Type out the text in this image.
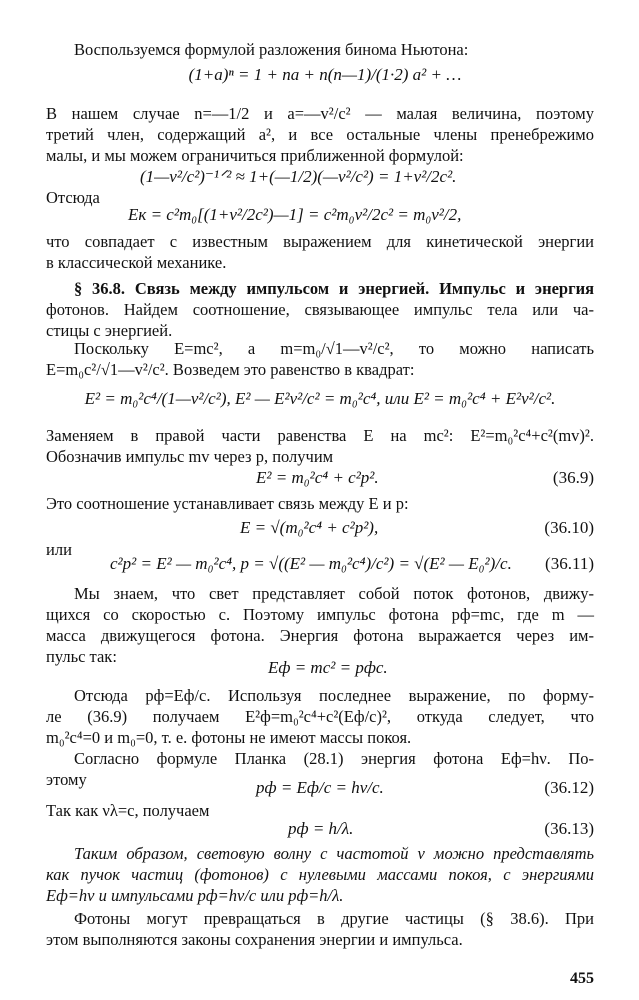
Воспользуемся формулой разложения бинома Ньютона:
(1+a)ⁿ = 1 + na + n(n—1)/(1·2) a² + …
В нашем случае n=—1/2 и a=—v²/c² — малая величина, поэтому
третий член, содержащий a², и все остальные члены пренебрежимо
малы, и мы можем ограничиться приближенной формулой:
(1—v²/c²)⁻¹ᐟ² ≈ 1+(—1/2)(—v²/c²) = 1+v²/2c².
Отсюда
Eк = c²m₀[(1+v²/2c²)—1] = c²m₀v²/2c² = m₀v²/2,
что совпадает с известным выражением для кинетической энергии
в классической механике.
§ 36.8. Связь между импульсом и энергией. Импульс и энергия
фотонов. Найдем соотношение, связывающее импульс тела или ча-
стицы с энергией.
Поскольку E=mc², а m=m₀/√1—v²/c², то можно написать
E=m₀c²/√1—v²/c². Возведем это равенство в квадрат:
E² = m₀²c⁴/(1—v²/c²), E² — E²v²/c² = m₀²c⁴, или E² = m₀²c⁴ + E²v²/c².
Заменяем в правой части равенства E на mc²: E²=m₀²c⁴+c²(mv)².
Обозначив импульс mv через p, получим
E² = m₀²c⁴ + c²p².	(36.9)
Это соотношение устанавливает связь между E и p:
E = √(m₀²c⁴ + c²p²),	(36.10)
или
c²p² = E² — m₀²c⁴, p = √((E² — m₀²c⁴)/c²) = √(E² — E₀²)/c. (36.11)
Мы знаем, что свет представляет собой поток фотонов, движу-
щихся со скоростью c. Поэтому импульс фотона pф=mc, где m —
масса движущегося фотона. Энергия фотона выражается через им-
пульс так:
Eф = mc² = pфc.
Отсюда pф=Eф/c. Используя последнее выражение, по форму-
ле (36.9) получаем E²ф=m₀²c⁴+c²(Eф/c)², откуда следует, что
m₀²c⁴=0 и m₀=0, т. е. фотоны не имеют массы покоя.
Согласно формуле Планка (28.1) энергия фотона Eф=hν. По-
этому	pф = Eф/c = hν/c.	(36.12)
Так как νλ=c, получаем
pф = h/λ.	(36.13)
Таким образом, световую волну с частотой ν можно представлять
как пучок частиц (фотонов) с нулевыми массами покоя, с энергиями
Eф=hν и импульсами pф=hν/c или pф=h/λ.
Фотоны могут превращаться в другие частицы (§ 38.6). При
этом выполняются законы сохранения энергии и импульса.
455
